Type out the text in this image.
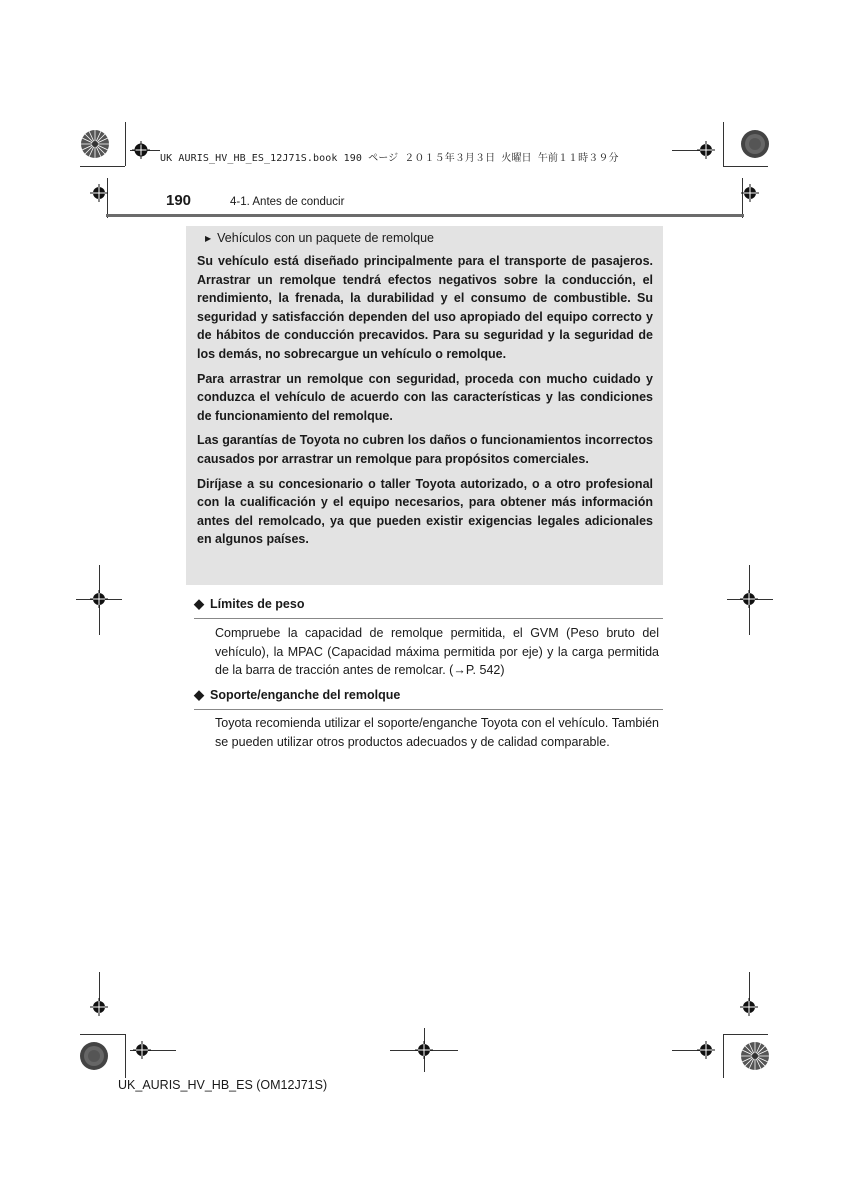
UK AURIS_HV_HB_ES_12J71S.book 190 ページ ２０１５年３月３日 火曜日 午前１１時３９分
190	4-1. Antes de conducir
▶ Vehículos con un paquete de remolque

Su vehículo está diseñado principalmente para el transporte de pasajeros. Arrastrar un remolque tendrá efectos negativos sobre la conducción, el rendimiento, la frenada, la durabilidad y el consumo de combustible. Su seguridad y satisfacción dependen del uso apropiado del equipo correcto y de hábitos de conducción precavidos. Para su seguridad y la seguridad de los demás, no sobrecargue un vehículo o remolque.

Para arrastrar un remolque con seguridad, proceda con mucho cuidado y conduzca el vehículo de acuerdo con las características y las condiciones de funcionamiento del remolque.

Las garantías de Toyota no cubren los daños o funcionamientos incorrectos causados por arrastrar un remolque para propósitos comerciales.

Diríjase a su concesionario o taller Toyota autorizado, o a otro profesional con la cualificación y el equipo necesarios, para obtener más información antes del remolcado, ya que pueden existir exigencias legales adicionales en algunos países.

◆ Límites de peso

Compruebe la capacidad de remolque permitida, el GVM (Peso bruto del vehículo), la MPAC (Capacidad máxima permitida por eje) y la carga permitida de la barra de tracción antes de remolcar. (→P. 542)

◆ Soporte/enganche del remolque

Toyota recomienda utilizar el soporte/enganche Toyota con el vehículo. También se pueden utilizar otros productos adecuados y de calidad comparable.

UK_AURIS_HV_HB_ES (OM12J71S)
